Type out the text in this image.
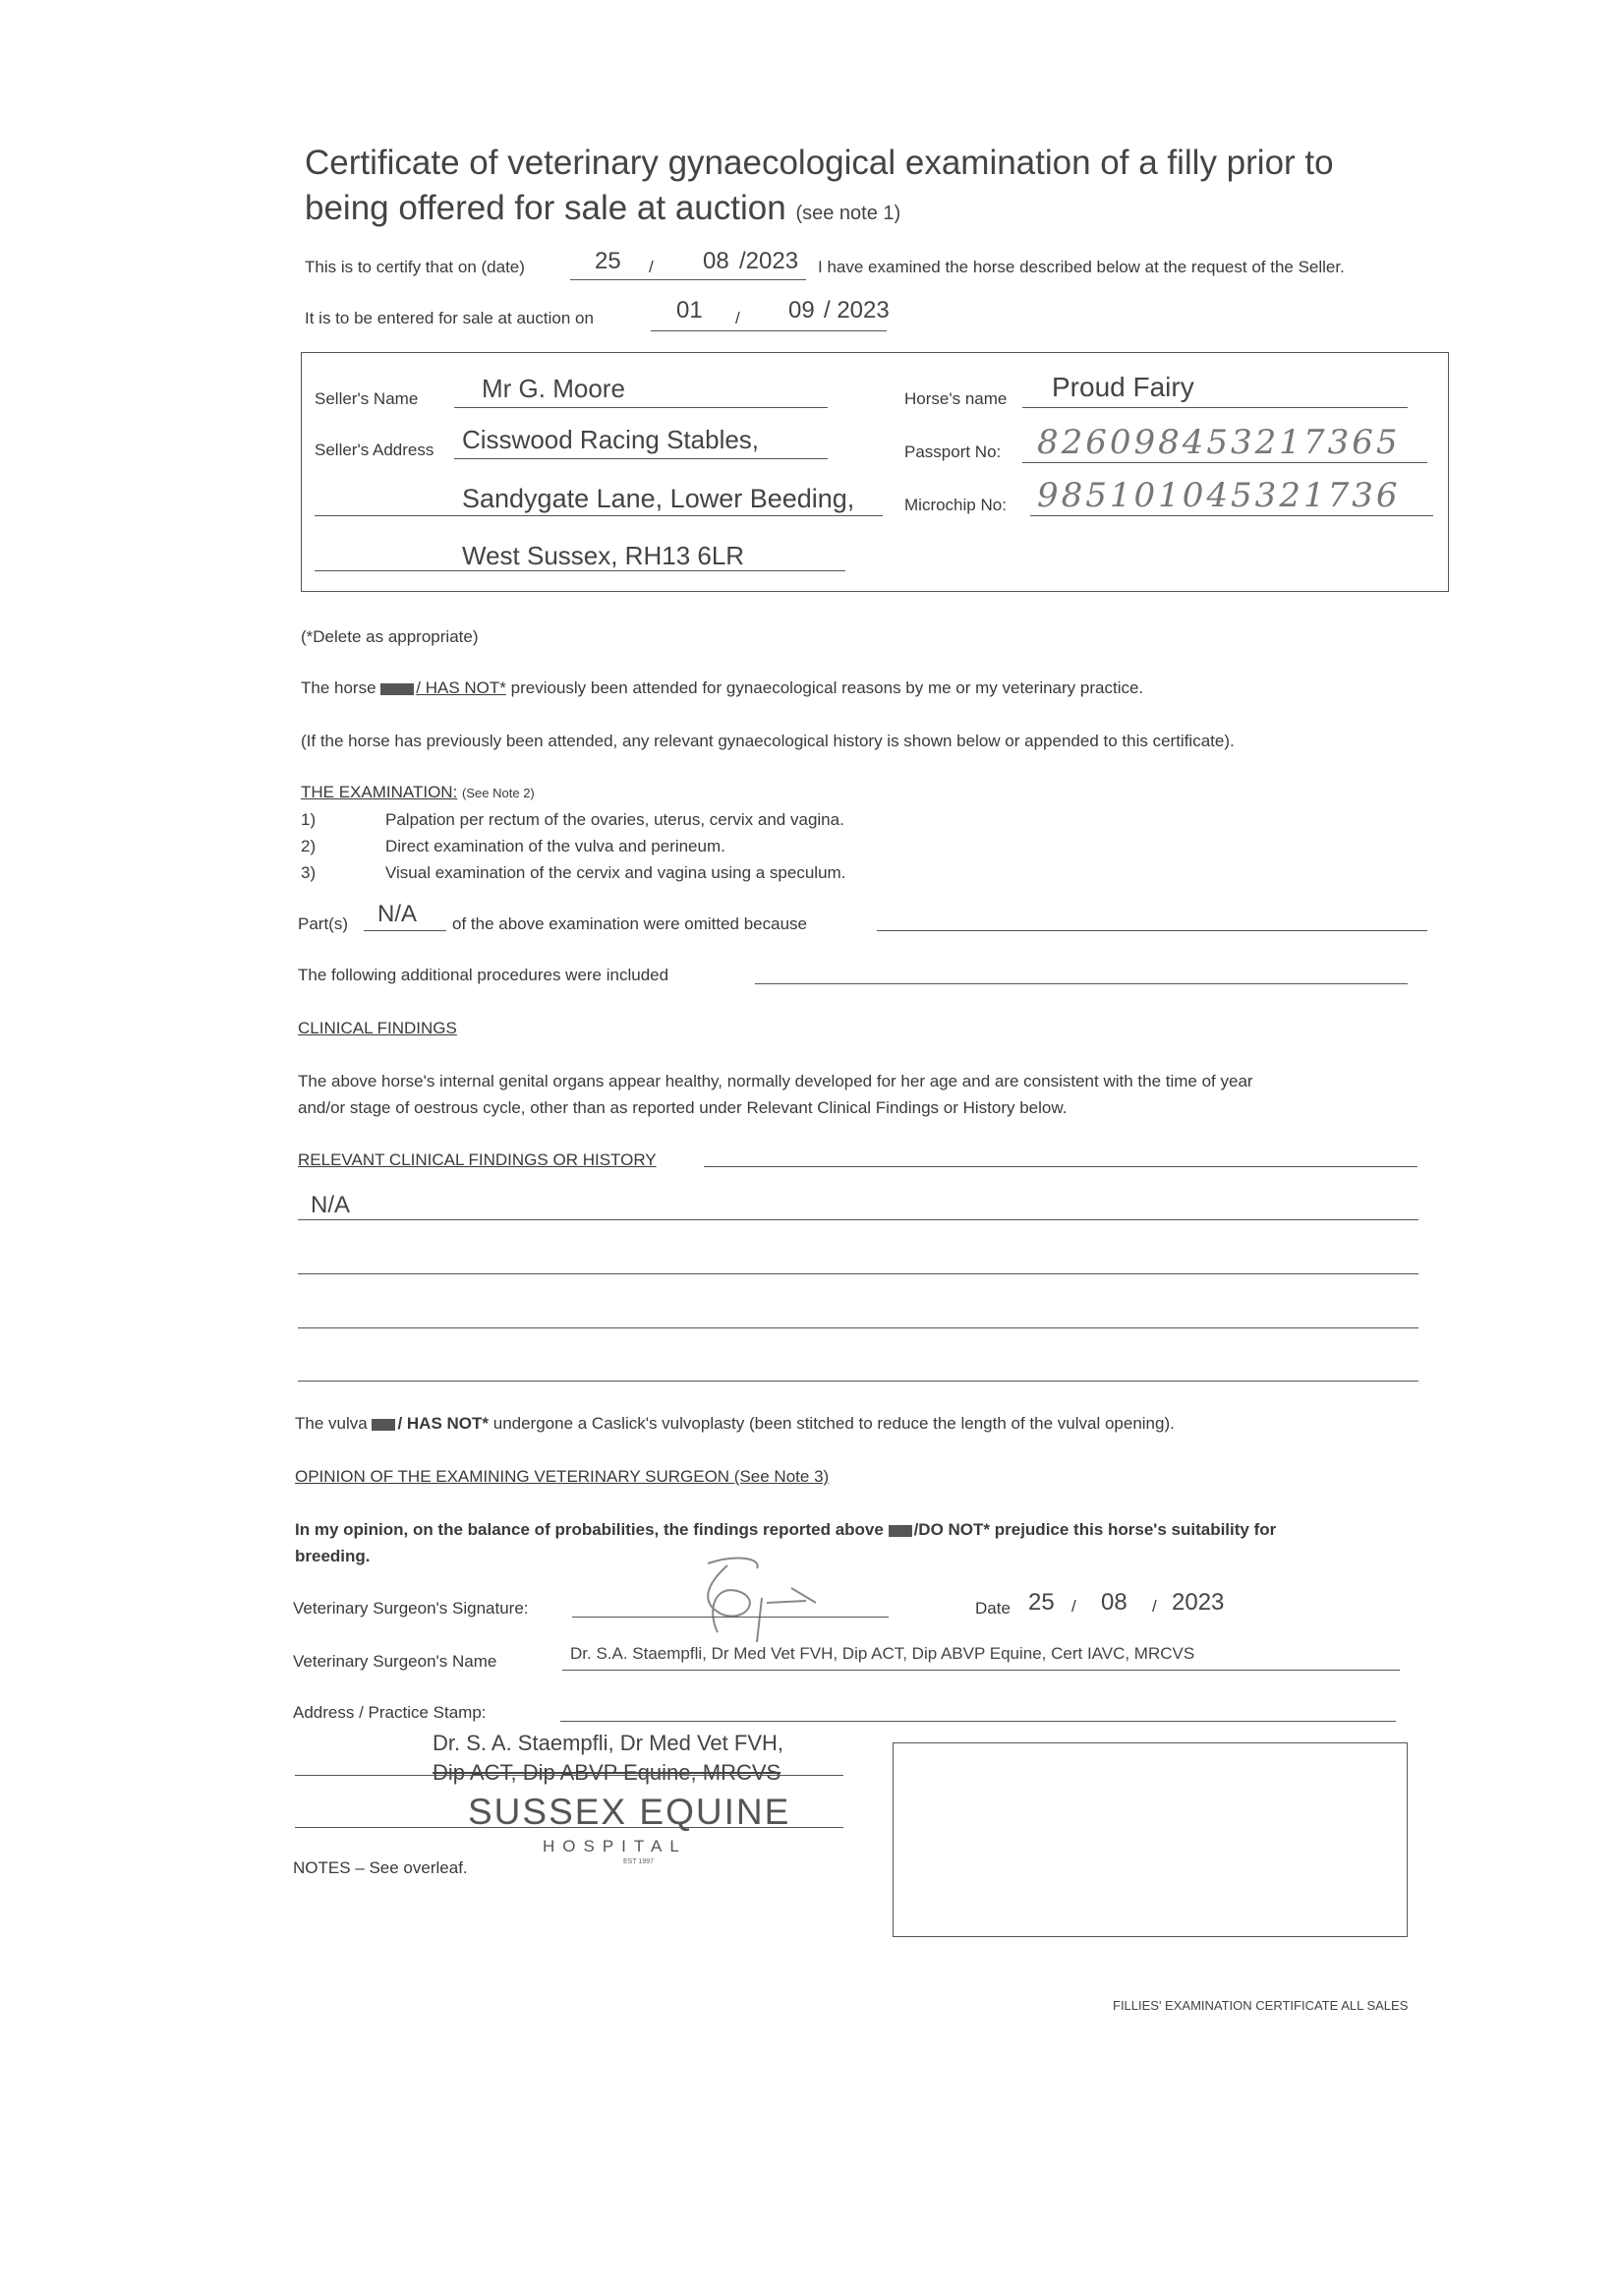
Certificate of veterinary gynaecological examination of a filly prior to
being offered for sale at auction (see note 1)
This is to certify that on (date)	25 / 08 /2023 I have examined the horse described below at the request of the Seller.
It is to be entered for sale at auction on	01 / 09 / 2023
Seller's Name Mr G. Moore
Seller's Address Cisswood Racing Stables,
Sandygate Lane, Lower Beeding,
West Sussex, RH13 6LR
Horse's name Proud Fairy
Passport No: 826098453217365
Microchip No: 985101045321736
(*Delete as appropriate)
The horse / HAS NOT* previously been attended for gynaecological reasons by me or my veterinary practice.
(If the horse has previously been attended, any relevant gynaecological history is shown below or appended to this certificate).
THE EXAMINATION: (See Note 2)
1)	Palpation per rectum of the ovaries, uterus, cervix and vagina.
2)	Direct examination of the vulva and perineum.
3)	Visual examination of the cervix and vagina using a speculum.
Part(s) N/A of the above examination were omitted because
The following additional procedures were included
CLINICAL FINDINGS
The above horse's internal genital organs appear healthy, normally developed for her age and are consistent with the time of year
and/or stage of oestrous cycle, other than as reported under Relevant Clinical Findings or History below.
RELEVANT CLINICAL FINDINGS OR HISTORY
N/A
The vulva / HAS NOT* undergone a Caslick's vulvoplasty (been stitched to reduce the length of the vulval opening).
OPINION OF THE EXAMINING VETERINARY SURGEON (See Note 3)
In my opinion, on the balance of probabilities, the findings reported above /DO NOT* prejudice this horse's suitability for
breeding.
Veterinary Surgeon's Signature:	Date 25 / 08 / 2023
Veterinary Surgeon's Name	Dr. S.A. Staempfli, Dr Med Vet FVH, Dip ACT, Dip ABVP Equine, Cert IAVC, MRCVS
Address / Practice Stamp:
Dr. S. A. Staempfli, Dr Med Vet FVH,
Dip ACT, Dip ABVP Equine, MRCVS
SUSSEX EQUINE
HOSPITAL
EST 1997
NOTES – See overleaf.
FILLIES' EXAMINATION CERTIFICATE ALL SALES
